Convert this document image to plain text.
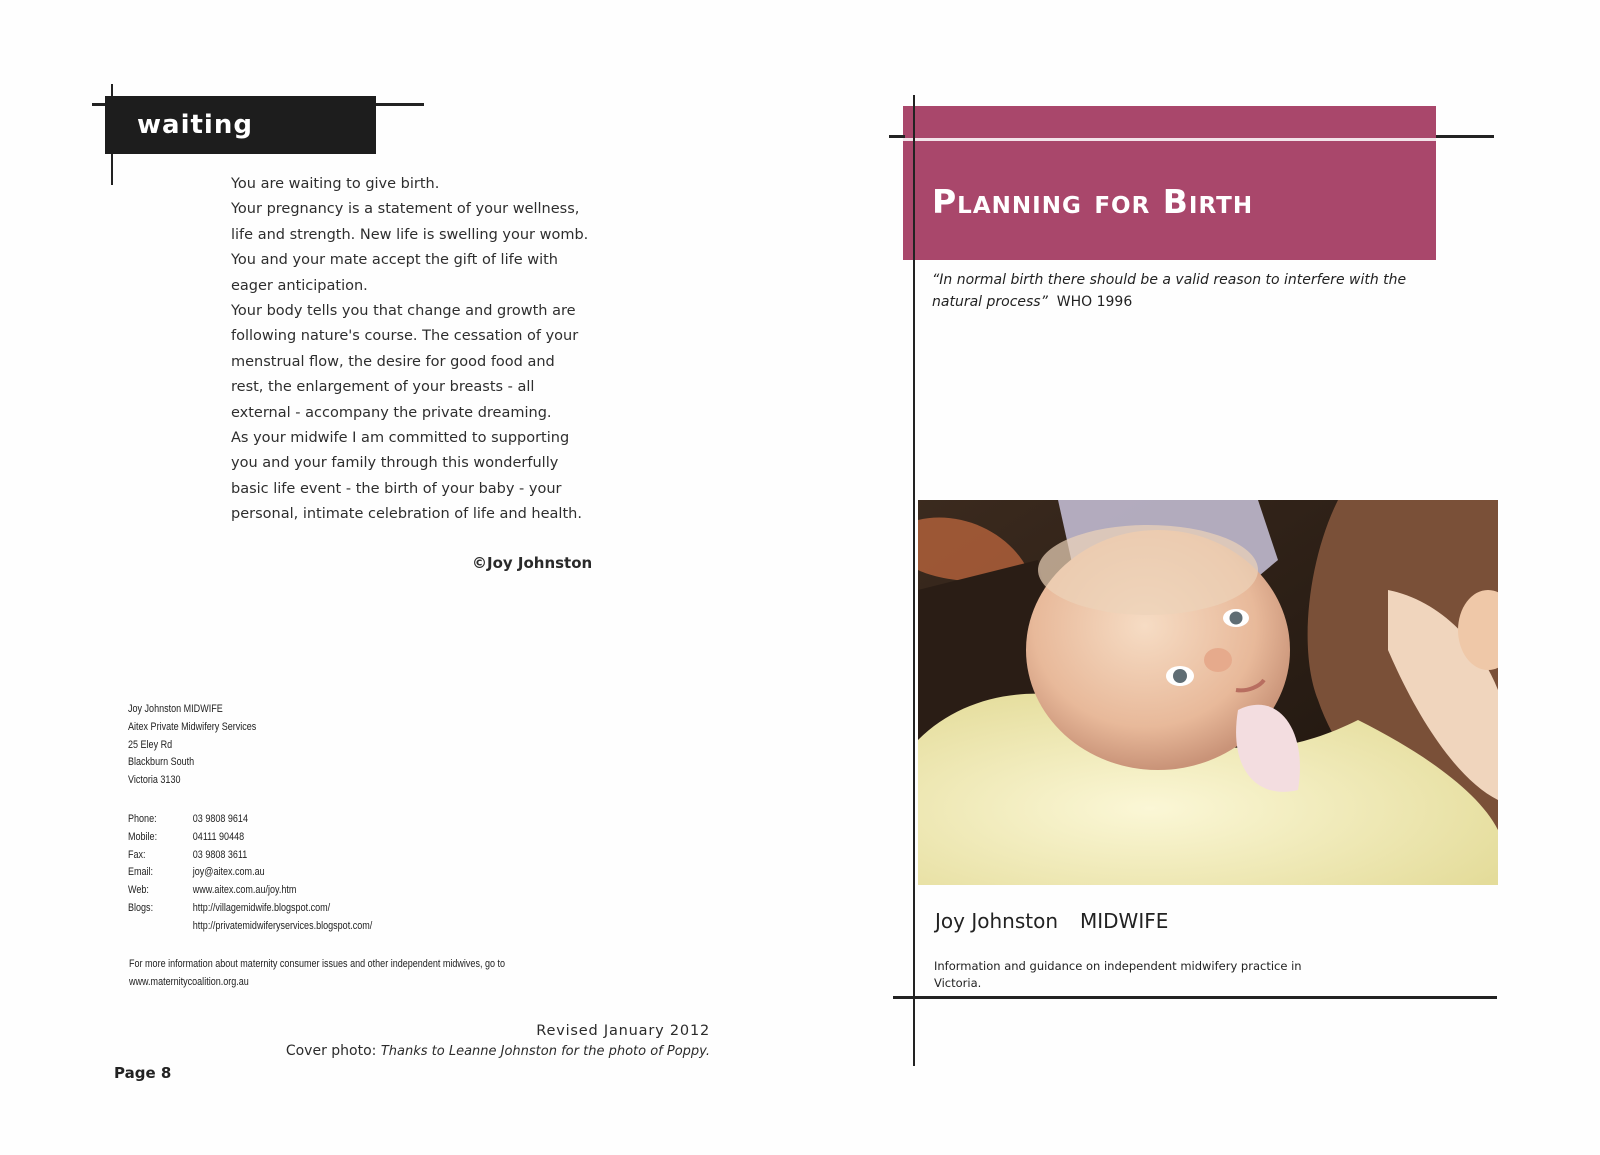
waiting

You are waiting to give birth.

Your pregnancy is a statement of your wellness,

life and strength. New life is swelling your womb.

You and your mate accept the gift of life with

eager anticipation.

Your body tells you that change and growth are

following nature's course. The cessation of your

menstrual flow, the desire for good food and

rest, the enlargement of your breasts - all

external - accompany the private dreaming.

As your midwife I am committed to supporting

you and your family through this wonderfully

basic life event - the birth of your baby - your

personal, intimate celebration of life and health.

©Joy Johnston
Joy Johnston MIDWIFE
Aitex Private Midwifery Services
25 Eley Rd
Blackburn South
Victoria 3130
Phone:	03 9808 9614
Mobile:	04111 90448
Fax:	03 9808 3611
Email:	joy@aitex.com.au
Web:	www.aitex.com.au/joy.htm
Blogs:	http://villagemidwife.blogspot.com/
http://privatemidwiferyservices.blogspot.com/
For more information about maternity consumer issues and other independent midwives, go to
www.maternitycoalition.org.au
Revised January 2012
Cover photo: Thanks to Leanne Johnston for the photo of Poppy.
Page 8
Planning for Birth
“In normal birth there should be a valid reason to interfere with the natural process” WHO 1996
Joy Johnston MIDWIFE
Information and guidance on independent midwifery practice in Victoria.
